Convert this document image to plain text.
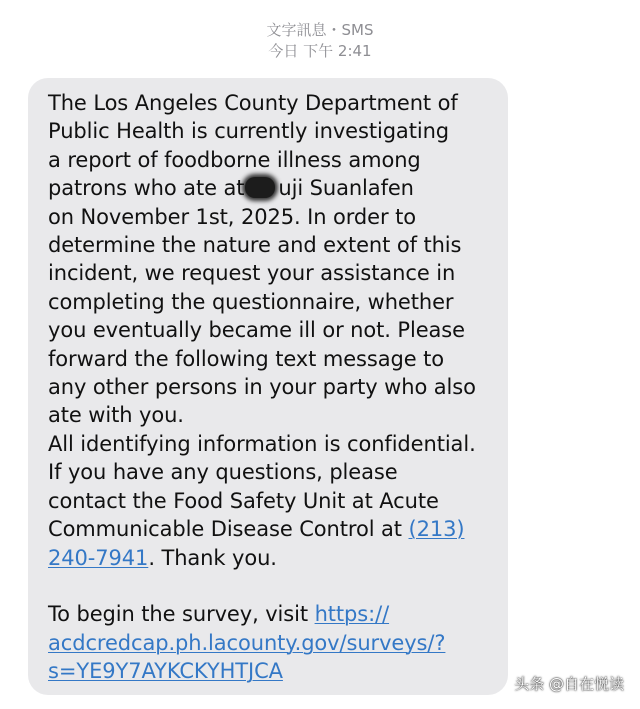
文字訊息・SMS
今日 下午 2:41
The Los Angeles County Department of
Public Health is currently investigating
a report of foodborne illness among
patrons who ate at uji Suanlafen
on November 1st, 2025. In order to
determine the nature and extent of this
incident, we request your assistance in
completing the questionnaire, whether
you eventually became ill or not. Please
forward the following text message to
any other persons in your party who also
ate with you.
All identifying information is confidential.
If you have any questions, please
contact the Food Safety Unit at Acute
Communicable Disease Control at (213)
240-7941. Thank you.
To begin the survey, visit https://
acdcredcap.ph.lacounty.gov/surveys/?
s=YE9Y7AYKCKYHTJCA
头条 @自在悦读
